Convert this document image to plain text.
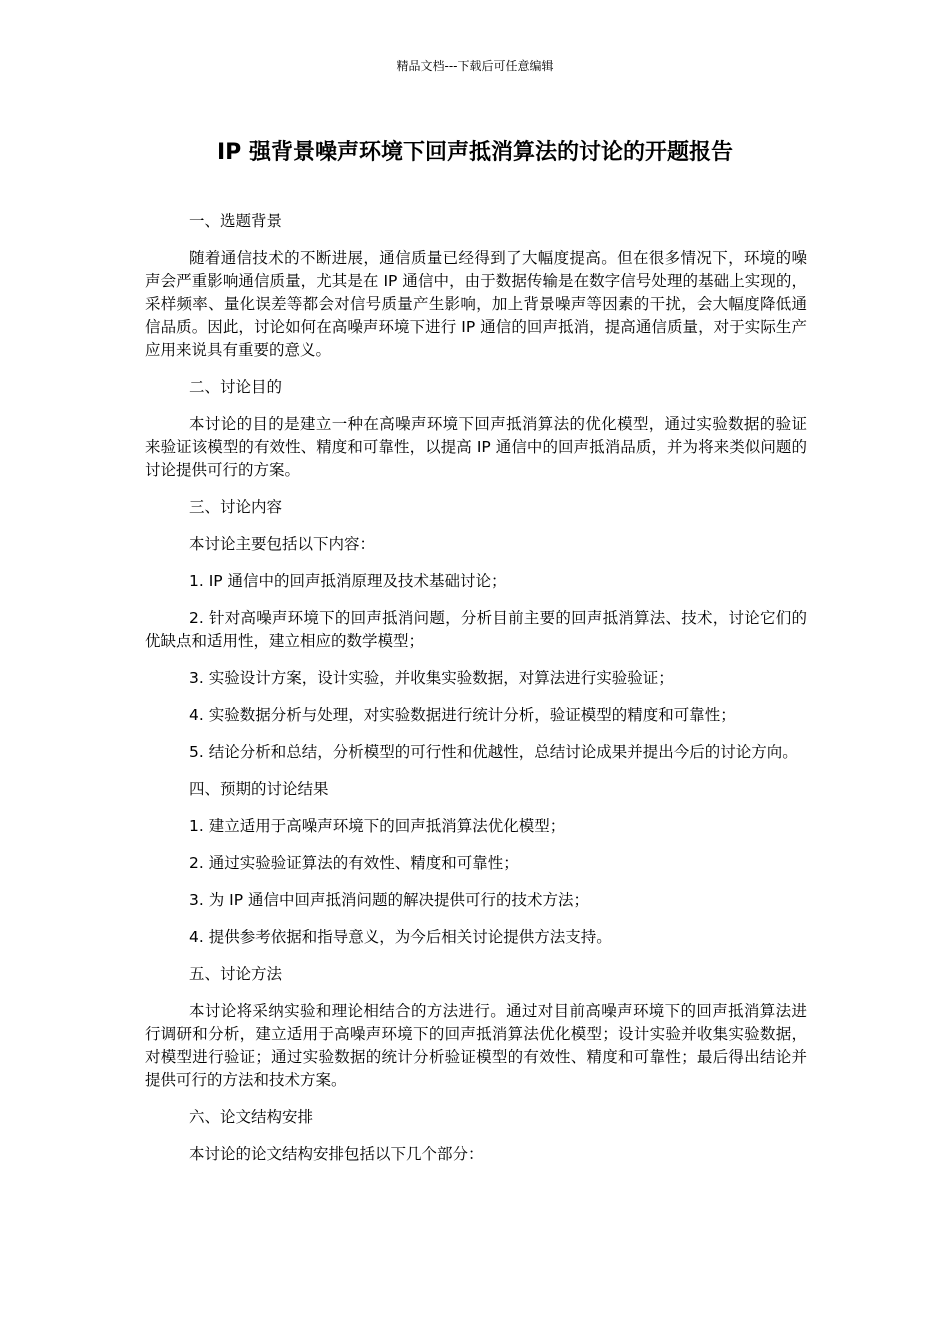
精品文档---下载后可任意编辑
IP 强背景噪声环境下回声抵消算法的讨论的开题报告

一、选题背景

随着通信技术的不断进展，通信质量已经得到了大幅度提高。但在很多情况下，环境的噪声会严重影响通信质量，尤其是在 IP 通信中，由于数据传输是在数字信号处理的基础上实现的，采样频率、量化误差等都会对信号质量产生影响，加上背景噪声等因素的干扰，会大幅度降低通信品质。因此，讨论如何在高噪声环境下进行 IP 通信的回声抵消，提高通信质量，对于实际生产应用来说具有重要的意义。

二、讨论目的

本讨论的目的是建立一种在高噪声环境下回声抵消算法的优化模型，通过实验数据的验证来验证该模型的有效性、精度和可靠性，以提高 IP 通信中的回声抵消品质，并为将来类似问题的讨论提供可行的方案。

三、讨论内容

本讨论主要包括以下内容：

1. IP 通信中的回声抵消原理及技术基础讨论；

2. 针对高噪声环境下的回声抵消问题，分析目前主要的回声抵消算法、技术，讨论它们的优缺点和适用性，建立相应的数学模型；

3. 实验设计方案，设计实验，并收集实验数据，对算法进行实验验证；

4. 实验数据分析与处理，对实验数据进行统计分析，验证模型的精度和可靠性；

5. 结论分析和总结，分析模型的可行性和优越性，总结讨论成果并提出今后的讨论方向。

四、预期的讨论结果

1. 建立适用于高噪声环境下的回声抵消算法优化模型；

2. 通过实验验证算法的有效性、精度和可靠性；

3. 为 IP 通信中回声抵消问题的解决提供可行的技术方法；

4. 提供参考依据和指导意义，为今后相关讨论提供方法支持。

五、讨论方法

本讨论将采纳实验和理论相结合的方法进行。通过对目前高噪声环境下的回声抵消算法进行调研和分析，建立适用于高噪声环境下的回声抵消算法优化模型；设计实验并收集实验数据，对模型进行验证；通过实验数据的统计分析验证模型的有效性、精度和可靠性；最后得出结论并提供可行的方法和技术方案。

六、论文结构安排

本讨论的论文结构安排包括以下几个部分：
